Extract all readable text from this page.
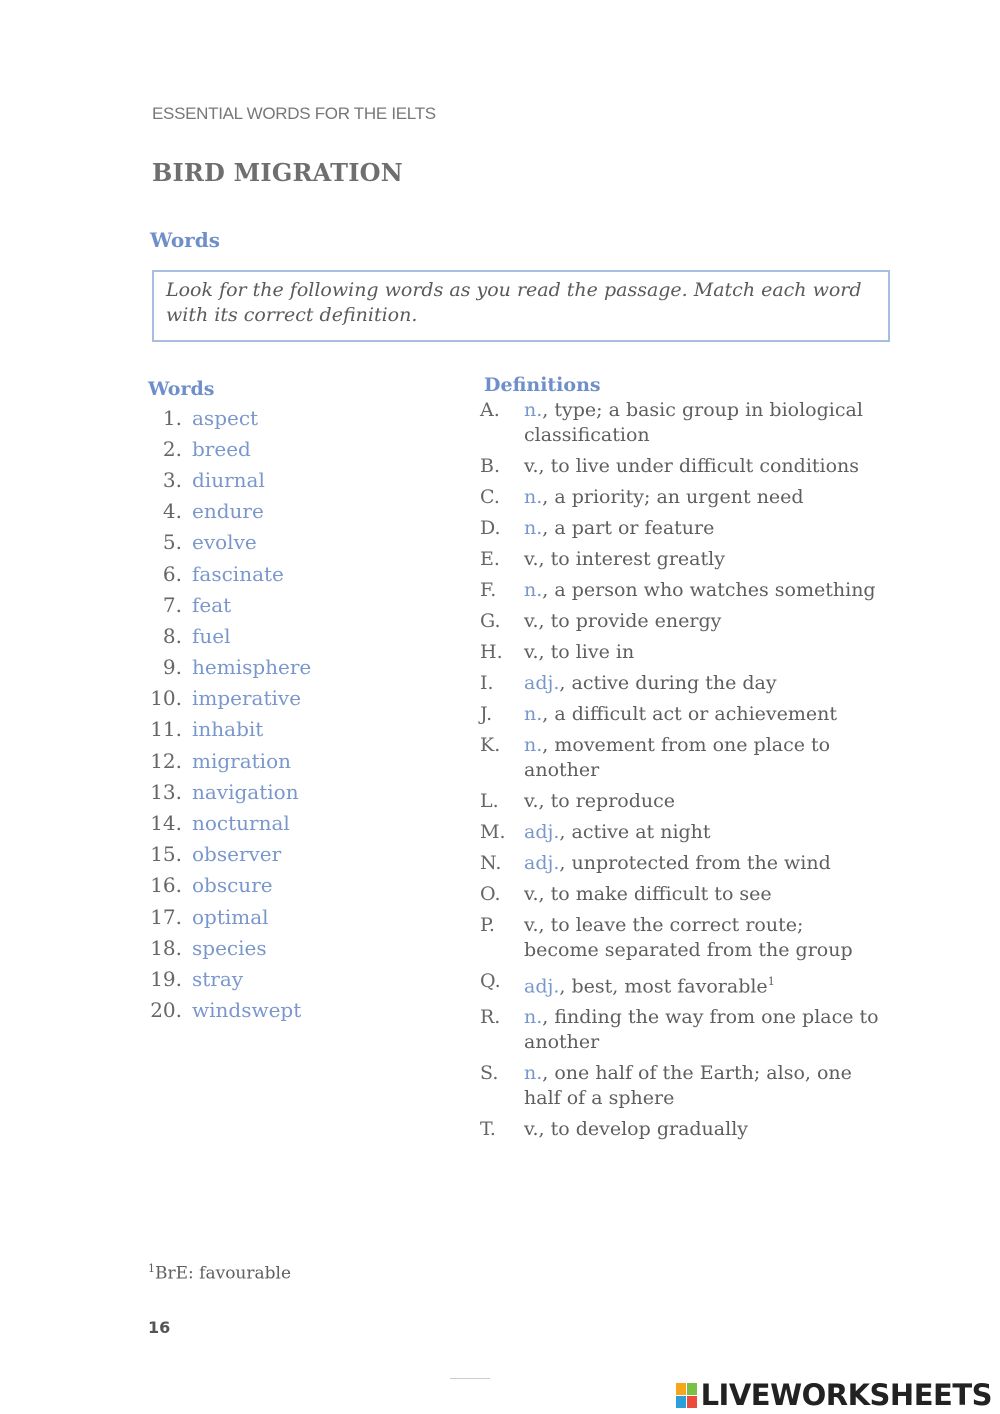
ESSENTIAL WORDS FOR THE IELTS
BIRD MIGRATION
Words
Look for the following words as you read the passage. Match each word with its correct definition.
Words	Definitions
1. aspect
2. breed
3. diurnal
4. endure
5. evolve
6. fascinate
7. feat
8. fuel
9. hemisphere
10. imperative
11. inhabit
12. migration
13. navigation
14. nocturnal
15. observer
16. obscure
17. optimal
18. species
19. stray
20. windswept
A.	n., type; a basic group in biological classification
B.	v., to live under difficult conditions
C.	n., a priority; an urgent need
D.	n., a part or feature
E.	v., to interest greatly
F.	n., a person who watches something
G.	v., to provide energy
H.	v., to live in
I.	adj., active during the day
J.	n., a difficult act or achievement
K.	n., movement from one place to another
L.	v., to reproduce
M. adj., active at night
N.	adj., unprotected from the wind
O.	v., to make difficult to see
P.	v., to leave the correct route; become separated from the group
Q.	adj., best, most favorable$^1$
R.	n., finding the way from one place to another
S.	n., one half of the Earth; also, one half of a sphere
T.	v., to develop gradually
$^1$BrE: favourable
16
LIVEWORKSHEETS
